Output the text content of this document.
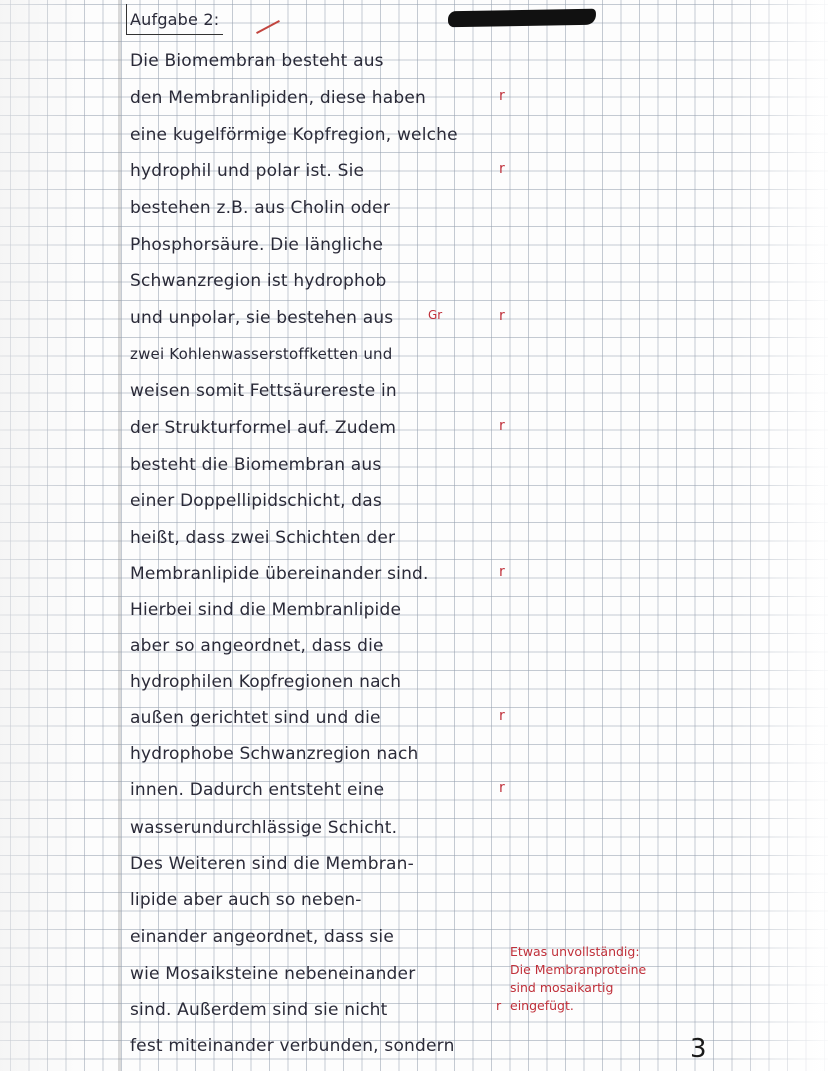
Aufgabe 2:
Die Biomembran besteht aus
den Membranlipiden, diese haben
eine kugelförmige Kopfregion, welche
hydrophil und polar ist. Sie
bestehen z.B. aus Cholin oder
Phosphorsäure. Die längliche
Schwanzregion ist hydrophob
und unpolar, sie bestehen aus
zwei Kohlenwasserstoffketten und
weisen somit Fettsäurereste in
der Strukturformel auf. Zudem
besteht die Biomembran aus
einer Doppellipidschicht, das
heißt, dass zwei Schichten der
Membranlipide übereinander sind.
Hierbei sind die Membranlipide
aber so angeordnet, dass die
hydrophilen Kopfregionen nach
außen gerichtet sind und die
hydrophobe Schwanzregion nach
innen. Dadurch entsteht eine
wasserundurchlässige Schicht.
Des Weiteren sind die Membran-
lipide aber auch so neben-
einander angeordnet, dass sie
wie Mosaiksteine nebeneinander
sind. Außerdem sind sie nicht
fest miteinander verbunden, sondern
r
r
r
r
r
r
r
Gr
Etwas unvollständig:
Die Membranproteine
sind mosaikartig
eingefügt.
r
3
